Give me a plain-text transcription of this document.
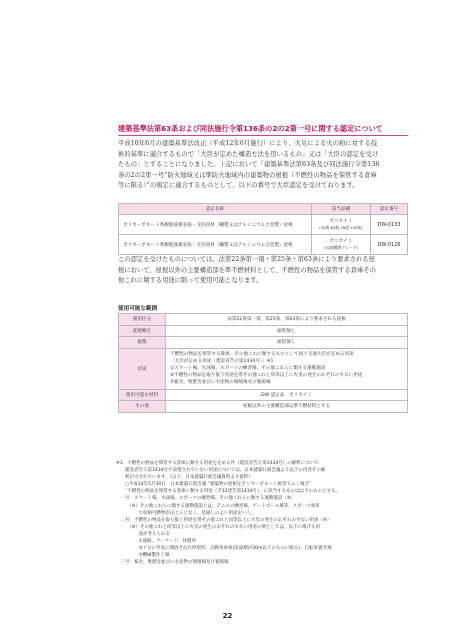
建築基準法第63条および同法施行令第136条の2の2第一号に関する認定について

平成10年6月の建築基準法改正（平成12年6月施行）により、火災による火の粉に対する技

術的基準に適合するもので「大臣が定めた構造方法を用いるもの」又は「大臣の認定を受け

たもの」とすることになりました。上記において「建築基準法第63条及び同法施行令第136

条の2の2第一号“防火地域又は準防火地域内の建築物の屋根（不燃性の物品を保管する倉庫

等に限る）”の規定に適合するものとして、以下の番号で大臣認定を受けております。

認定名称	該当品種	認定番号
ポリカーボネート系樹脂波板表張・支持段材（鋼製又はアルミニウム合金製）屋根	ポリカナミ
(32波,63波,76波,100波)	DW-0133
ポリカーボネート系樹脂波板表張・支持段材（鋼製又はアルミニウム合金製）屋根	ポリカナミ
(32波難燃グレード)	DW-0126

この認定を受けたものについては、法第22条第一項・第25条・第63条により要求される屋

根において、屋根以外の主要構造部を準不燃材料として、不燃性の物品を保管する倉庫その

他これに類する用途に限って使用可能となります。

使用可能な範囲
適用区分	法第22条第一項、第25条、第63条により要求される屋根
延焼概定	耐防無し
規模	耐防無し
用途	不燃性の物品を保管する倉庫、その他これに類するものとして国土交通大臣が定める用途
［大臣が定める用途（建設省告示第1434号）］※1
①スケート場、水泳場、スポーツの練習場、その他これらに類する運動施設
②不燃性の物品を取り扱う用途を帯その他これと同等以上に火災の発生のおそれの少ない用途
③畜舎、堆肥舎並びに水産物の増殖場及び養殖場

使用可能な材料	DW 認定品　ポリカナミ
その他	屋根以外の主要構造部は準不燃材料とする
※1：不燃性の物品を保管する倉庫に類する用途を定める件（建設省告示第1434号）の解釈について
　　建設省告示第1434号で表現されていない用途については、日本建築行政会議より以下の内容その解
　　釈が示されています。（以下、日本建築行政会議資料より抜粋）
　　○平成14年5月30日　日本建築行政会議 “建築物の屋根をポリカーボネート板等でふく場合”
　　「不燃性の物品を保管する倉庫に類する用途（平12建告第1434号）」に該当するものは以下のものとする。
　一号：スケート場、水泳場、スポーツの練習場、その他これらに類する運動施設（※）
　　　（※）その他これらに類する運動施設とは、テニスの練習場、ゲートボール場等、スポーツ専用
　　　　　で収納可燃物がほとんどなく、見通しのよい用途をいう。
　二号：不燃性の物品を取り扱う用途を帯その他これと同等以上に火災の発生のおそれの少ない用途（※）
　　　（※）その他これと同等以上に火災の発生のおそれの少ない用途の例としては、以下に掲げる用
　　　　　途が考えられる
　　　　　①通路、アーケード、休憩所
　　　　　②十分に外気に開放された停留所、自動車車庫(床面積が30m以下のものに限る)、自転車置き場
　　　　　③機械製作工場
　三号：畜舎、堆肥舎並びに水産物の増殖場及び養殖場
22
